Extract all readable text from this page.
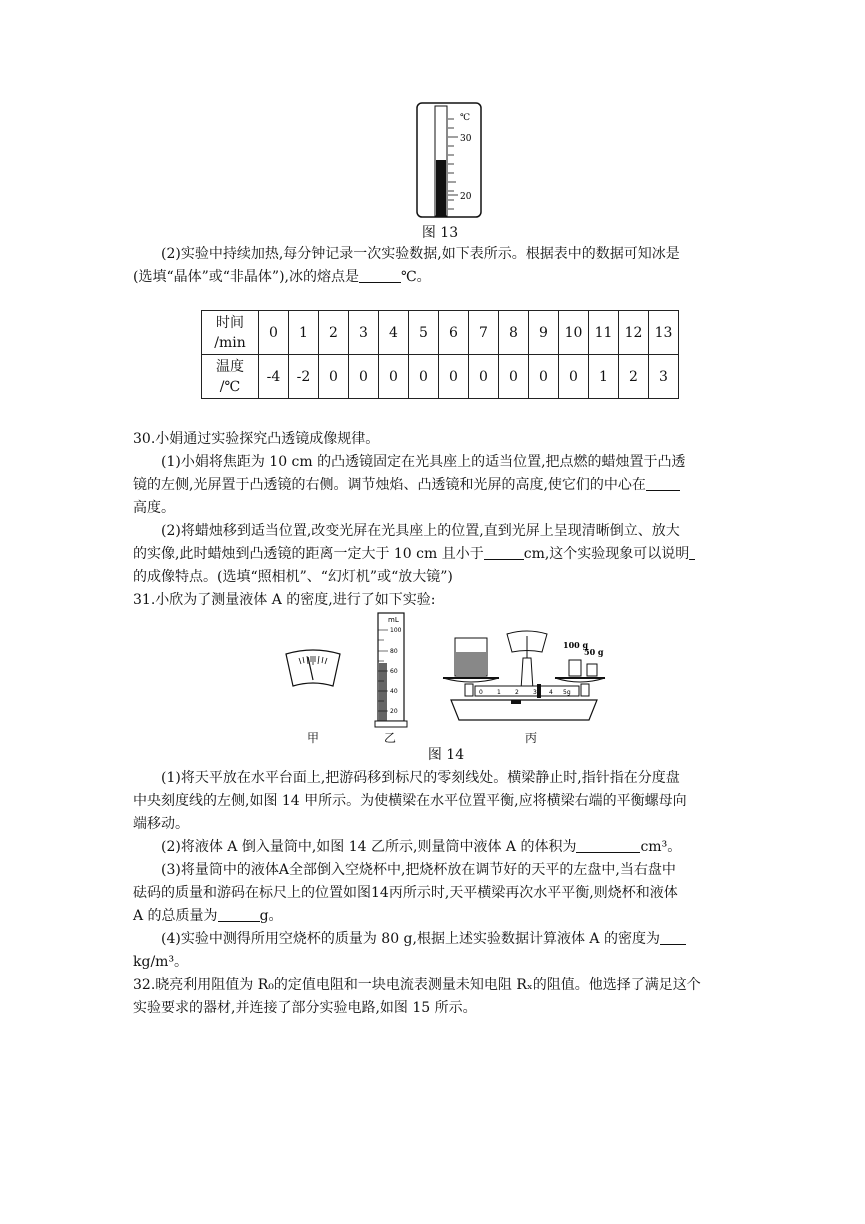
℃
30
20
图 13
(2)实验中持续加热,每分钟记录一次实验数据,如下表所示。根据表中的数据可知冰是
(选填“晶体”或“非晶体”),冰的熔点是	℃。
时间
/min	0	1	2	3	4	5	6	7	8	9	10	11	12	13
温度
/℃	-4	-2	0	0	0	0	0	0	0	0	0	1	2	3
30.小娟通过实验探究凸透镜成像规律。
(1)小娟将焦距为 10 cm 的凸透镜固定在光具座上的适当位置,把点燃的蜡烛置于凸透
镜的左侧,光屏置于凸透镜的右侧。调节烛焰、凸透镜和光屏的高度,使它们的中心在
高度。
(2)将蜡烛移到适当位置,改变光屏在光具座上的位置,直到光屏上呈现清晰倒立、放大
的实像,此时蜡烛到凸透镜的距离一定大于 10 cm 且小于	cm,这个实验现象可以说明
的成像特点。(选填“照相机”、“幻灯机”或“放大镜”)
31.小欣为了测量液体 A 的密度,进行了如下实验:
甲
mL
100
80
60
40
20
乙
100 g
50 g
0 1 2 3 4 5g
丙
图 14
(1)将天平放在水平台面上,把游码移到标尺的零刻线处。横梁静止时,指针指在分度盘
中央刻度线的左侧,如图 14 甲所示。为使横梁在水平位置平衡,应将横梁右端的平衡螺母向
端移动。
(2)将液体 A 倒入量筒中,如图 14 乙所示,则量筒中液体 A 的体积为	cm³。
(3)将量筒中的液体A全部倒入空烧杯中,把烧杯放在调节好的天平的左盘中,当右盘中
砝码的质量和游码在标尺上的位置如图14丙所示时,天平横梁再次水平平衡,则烧杯和液体
A 的总质量为	g。
(4)实验中测得所用空烧杯的质量为 80 g,根据上述实验数据计算液体 A 的密度为
kg/m³。
32.晓亮利用阻值为 R₀的定值电阻和一块电流表测量未知电阻 Rₓ的阻值。他选择了满足这个
实验要求的器材,并连接了部分实验电路,如图 15 所示。
